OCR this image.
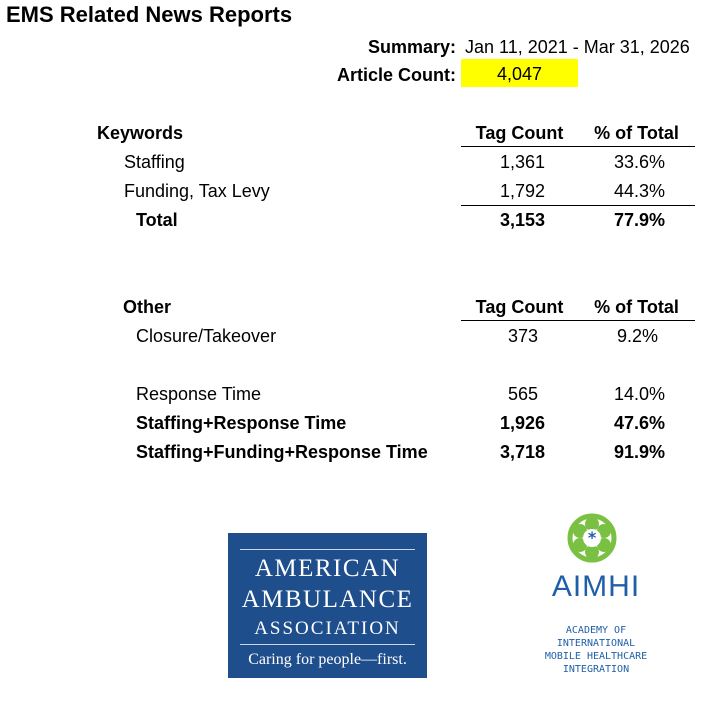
EMS Related News Reports
Summary: Jan 11, 2021 - Mar 31, 2026
Article Count:	4,047
Keywords	Tag Count	% of Total
Staffing	1,361	33.6%
Funding, Tax Levy	1,792	44.3%
Total	3,153	77.9%
Other	Tag Count	% of Total
Closure/Takeover	373	9.2%
Response Time	565	14.0%
Staffing+Response Time	1,926	47.6%
Staffing+Funding+Response Time	3,718	91.9%
AMERICAN
AMBULANCE
ASSOCIATION
Caring for people—first.
*
AIMHI
ACADEMY OF
INTERNATIONAL
MOBILE HEALTHCARE
INTEGRATION
